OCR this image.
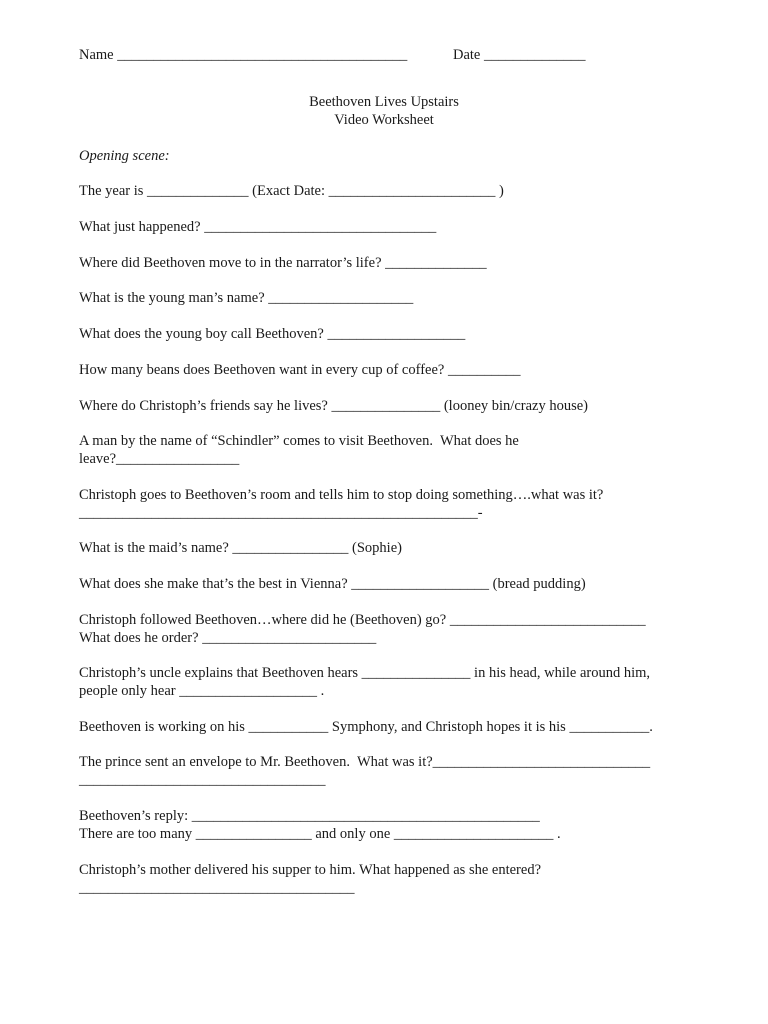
Name ________________________________________	Date ______________
Beethoven Lives Upstairs
Video Worksheet
Opening scene:
The year is ______________ (Exact Date: _______________________ )
What just happened? ________________________________
Where did Beethoven move to in the narrator’s life? ______________
What is the young man’s name? ____________________
What does the young boy call Beethoven? ___________________
How many beans does Beethoven want in every cup of coffee? __________
Where do Christoph’s friends say he lives? _______________ (looney bin/crazy house)
A man by the name of “Schindler” comes to visit Beethoven.  What does he
leave?_________________
Christoph goes to Beethoven’s room and tells him to stop doing something….what was it?
_______________________________________________________-
What is the maid’s name? ________________ (Sophie)
What does she make that’s the best in Vienna? ___________________ (bread pudding)
Christoph followed Beethoven…where did he (Beethoven) go? ___________________________
What does he order? ________________________
Christoph’s uncle explains that Beethoven hears _______________ in his head, while around him,
people only hear ___________________ .
Beethoven is working on his ___________ Symphony, and Christoph hopes it is his ___________.
The prince sent an envelope to Mr. Beethoven.  What was it?______________________________
__________________________________
Beethoven’s reply: ________________________________________________
There are too many ________________ and only one ______________________ .
Christoph’s mother delivered his supper to him. What happened as she entered?
______________________________________
